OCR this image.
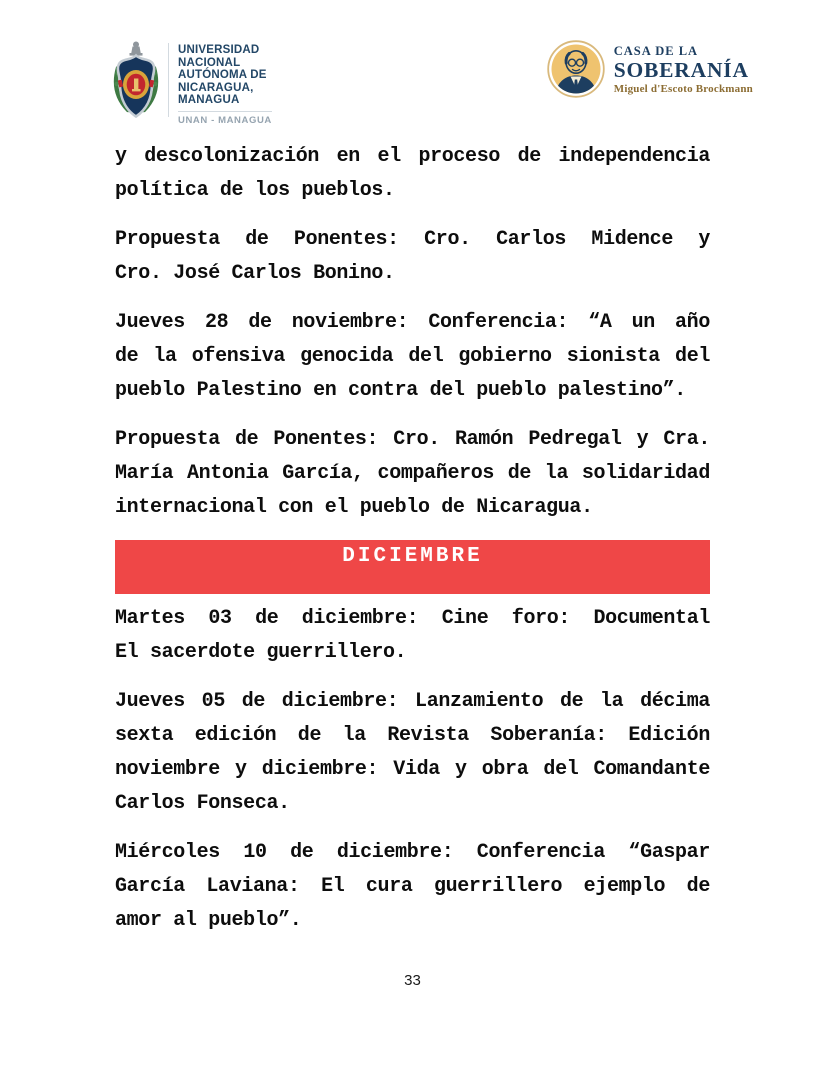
UNIVERSIDAD
NACIONAL
AUTÓNOMA DE
NICARAGUA,
MANAGUA
UNAN - MANAGUA
CASA DE LA
SOBERANÍA
Miguel d'Escoto Brockmann

y descolonización en el proceso de independencia
política de los pueblos.

Propuesta de Ponentes: Cro. Carlos Midence y
Cro. José Carlos Bonino.

Jueves 28 de noviembre: Conferencia: “A un año
de la ofensiva genocida del gobierno sionista del
pueblo Palestino en contra del pueblo palestino”.

Propuesta de Ponentes: Cro. Ramón Pedregal y Cra.
María Antonia García, compañeros de la solidaridad
internacional con el pueblo de Nicaragua.

DICIEMBRE

Martes 03 de diciembre: Cine foro: Documental
El sacerdote guerrillero.

Jueves 05 de diciembre: Lanzamiento de la décima
sexta edición de la Revista Soberanía: Edición
noviembre y diciembre: Vida y obra del Comandante
Carlos Fonseca.

Miércoles 10 de diciembre: Conferencia “Gaspar
García Laviana: El cura guerrillero ejemplo de
amor al pueblo”.

33
